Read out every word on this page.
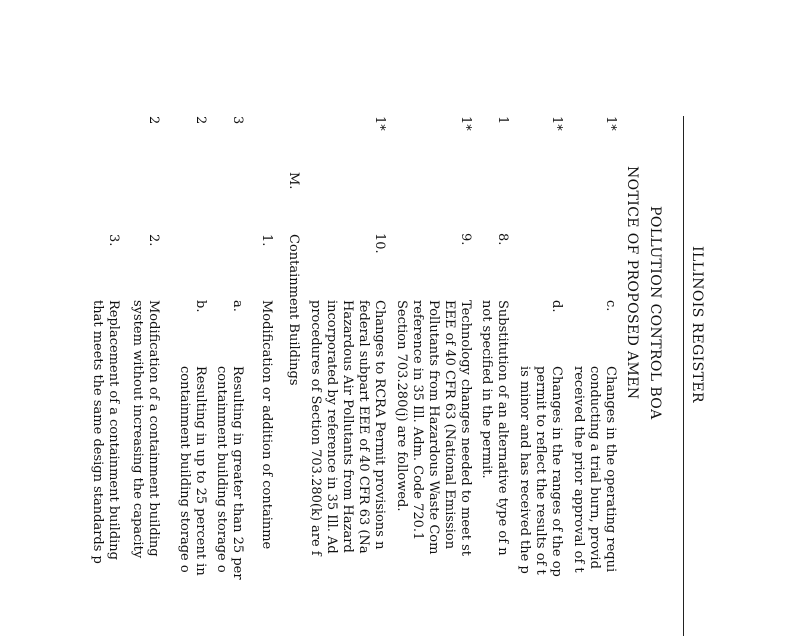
ILLINOIS REGISTER
POLLUTION CONTROL BOA
NOTICE OF PROPOSED AMEN
1*
c.
Changes in the operating requi
conducting a trial burn, provid
received the prior approval of t
1*
d.
Changes in the ranges of the op
permit to reflect the results of t
is minor and has received the p
1
8.
Substitution of an alternative type of n
not specified in the permit.
1*
9.
Technology changes needed to meet st
EEE of 40 CFR 63 (National Emission
Pollutants from Hazardous Waste Com
reference in 35 Ill. Adm. Code 720.1
Section 703.280(j) are followed.
1*
10.
Changes to RCRA Permit provisions n
federal subpart EEE of 40 CFR 63 (Na
Hazardous Air Pollutants from Hazard
incorporated by reference in 35 Ill. Ad
procedures of Section 703.280(k) are f
M.
Containment Buildings
1.
Modification or addition of containme
3
a.
Resulting in greater than 25 per
containment building storage o
2
b.
Resulting in up to 25 percent in
containment building storage o
2
2.
Modification of a containment building
system without increasing the capacity
3.
Replacement of a containment building
that meets the same design standards p
